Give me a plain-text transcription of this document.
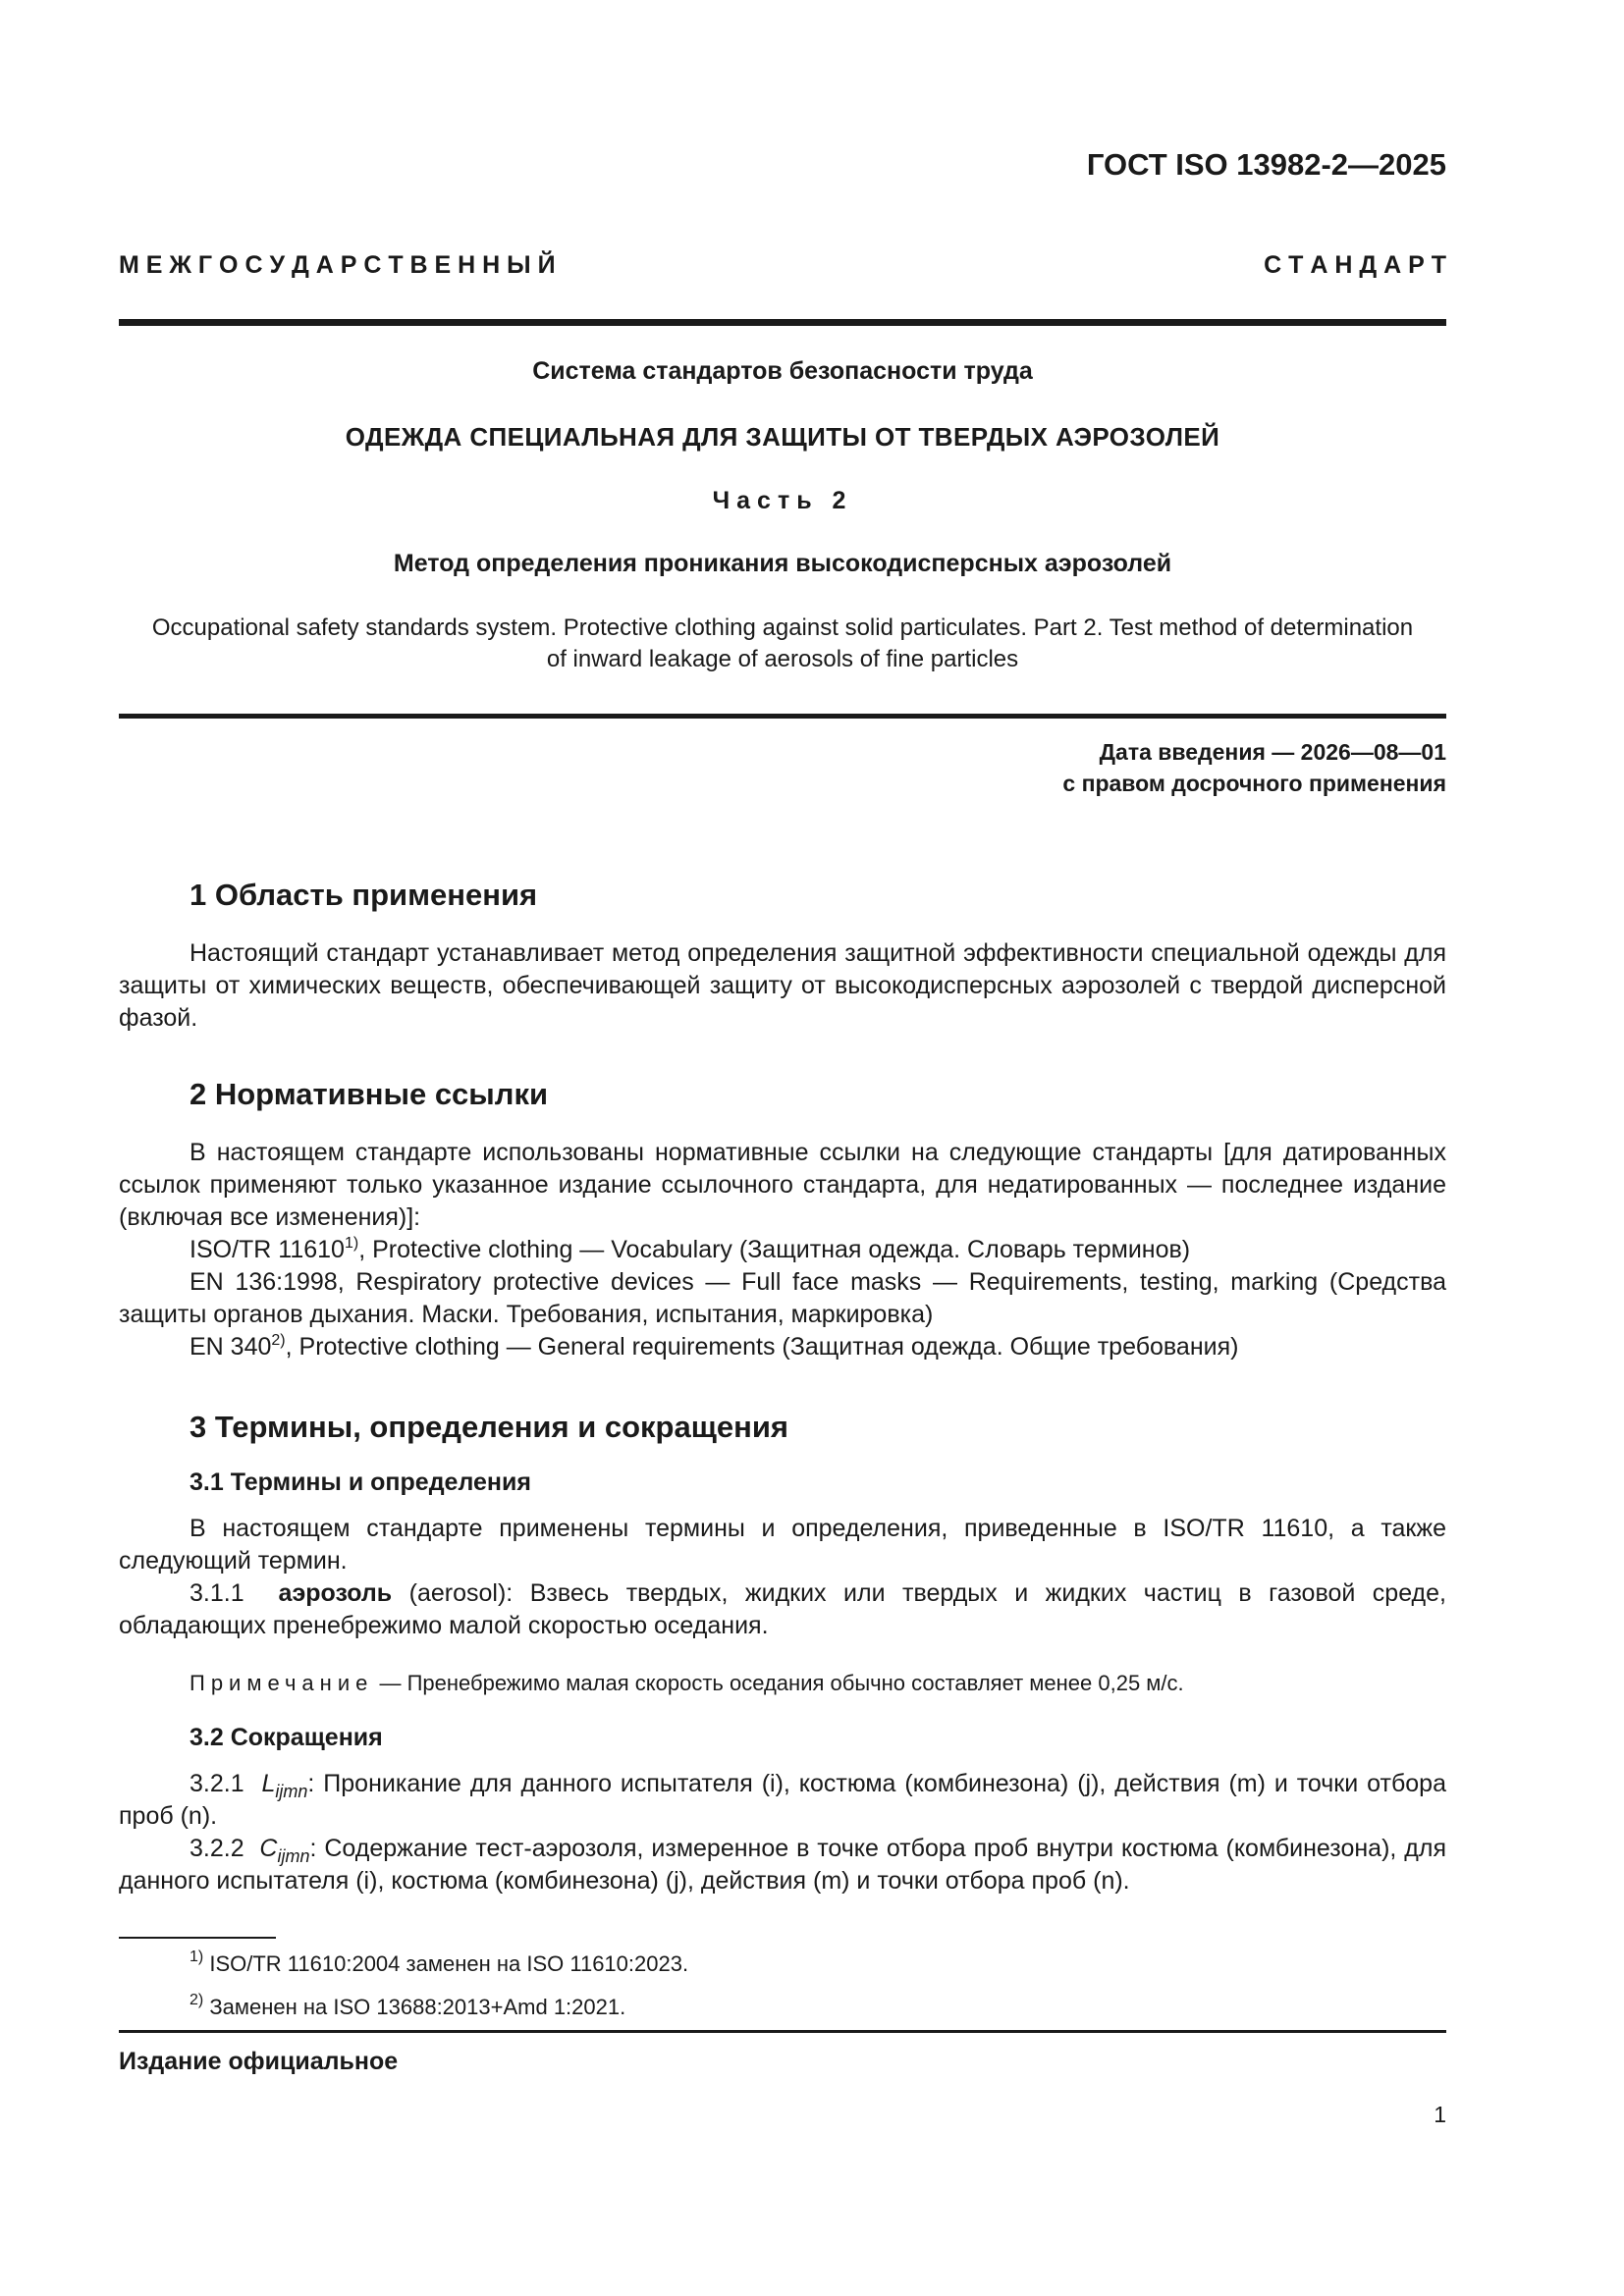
ГОСТ ISO 13982-2—2025
М Е Ж Г О С У Д А Р С Т В Е Н Н Ы Й	С Т А Н Д А Р Т
Система стандартов безопасности труда
ОДЕЖДА СПЕЦИАЛЬНАЯ ДЛЯ ЗАЩИТЫ ОТ ТВЕРДЫХ АЭРОЗОЛЕЙ
Часть 2
Метод определения проникания высокодисперсных аэрозолей
Occupational safety standards system. Protective clothing against solid particulates. Part 2. Test method of determination
of inward leakage of aerosols of fine particles
Дата введения — 2026—08—01
с правом досрочного применения
1 Область применения

Настоящий стандарт устанавливает метод определения защитной эффективности специальной одежды для защиты от химических веществ, обеспечивающей защиту от высокодисперсных аэрозолей с твердой дисперсной фазой.

2 Нормативные ссылки

В настоящем стандарте использованы нормативные ссылки на следующие стандарты [для датированных ссылок применяют только указанное издание ссылочного стандарта, для недатированных — последнее издание (включая все изменения)]:

ISO/TR 11610$^{1)}$, Protective clothing — Vocabulary (Защитная одежда. Словарь терминов)

EN 136:1998, Respiratory protective devices — Full face masks — Requirements, testing, marking (Средства защиты органов дыхания. Маски. Требования, испытания, маркировка)

EN 340$^{2)}$, Protective clothing — General requirements (Защитная одежда. Общие требования)

3 Термины, определения и сокращения
3.1 Термины и определения

В настоящем стандарте применены термины и определения, приведенные в ISO/TR 11610, а также следующий термин.

3.1.1 аэрозоль (aerosol): Взвесь твердых, жидких или твердых и жидких частиц в газовой среде, обладающих пренебрежимо малой скоростью оседания.

Примечание — Пренебрежимо малая скорость оседания обычно составляет менее 0,25 м/с.
3.2 Сокращения

3.2.1 $L_{ijmn}$: Проникание для данного испытателя (i), костюма (комбинезона) (j), действия (m) и точки отбора проб (n).

3.2.2 $C_{ijmn}$: Содержание тест-аэрозоля, измеренное в точке отбора проб внутри костюма (комбинезона), для данного испытателя (i), костюма (комбинезона) (j), действия (m) и точки отбора проб (n).

$^{1)}$ ISO/TR 11610:2004 заменен на ISO 11610:2023.
$^{2)}$ Заменен на ISO 13688:2013+Amd 1:2021.
Издание официальное
1
